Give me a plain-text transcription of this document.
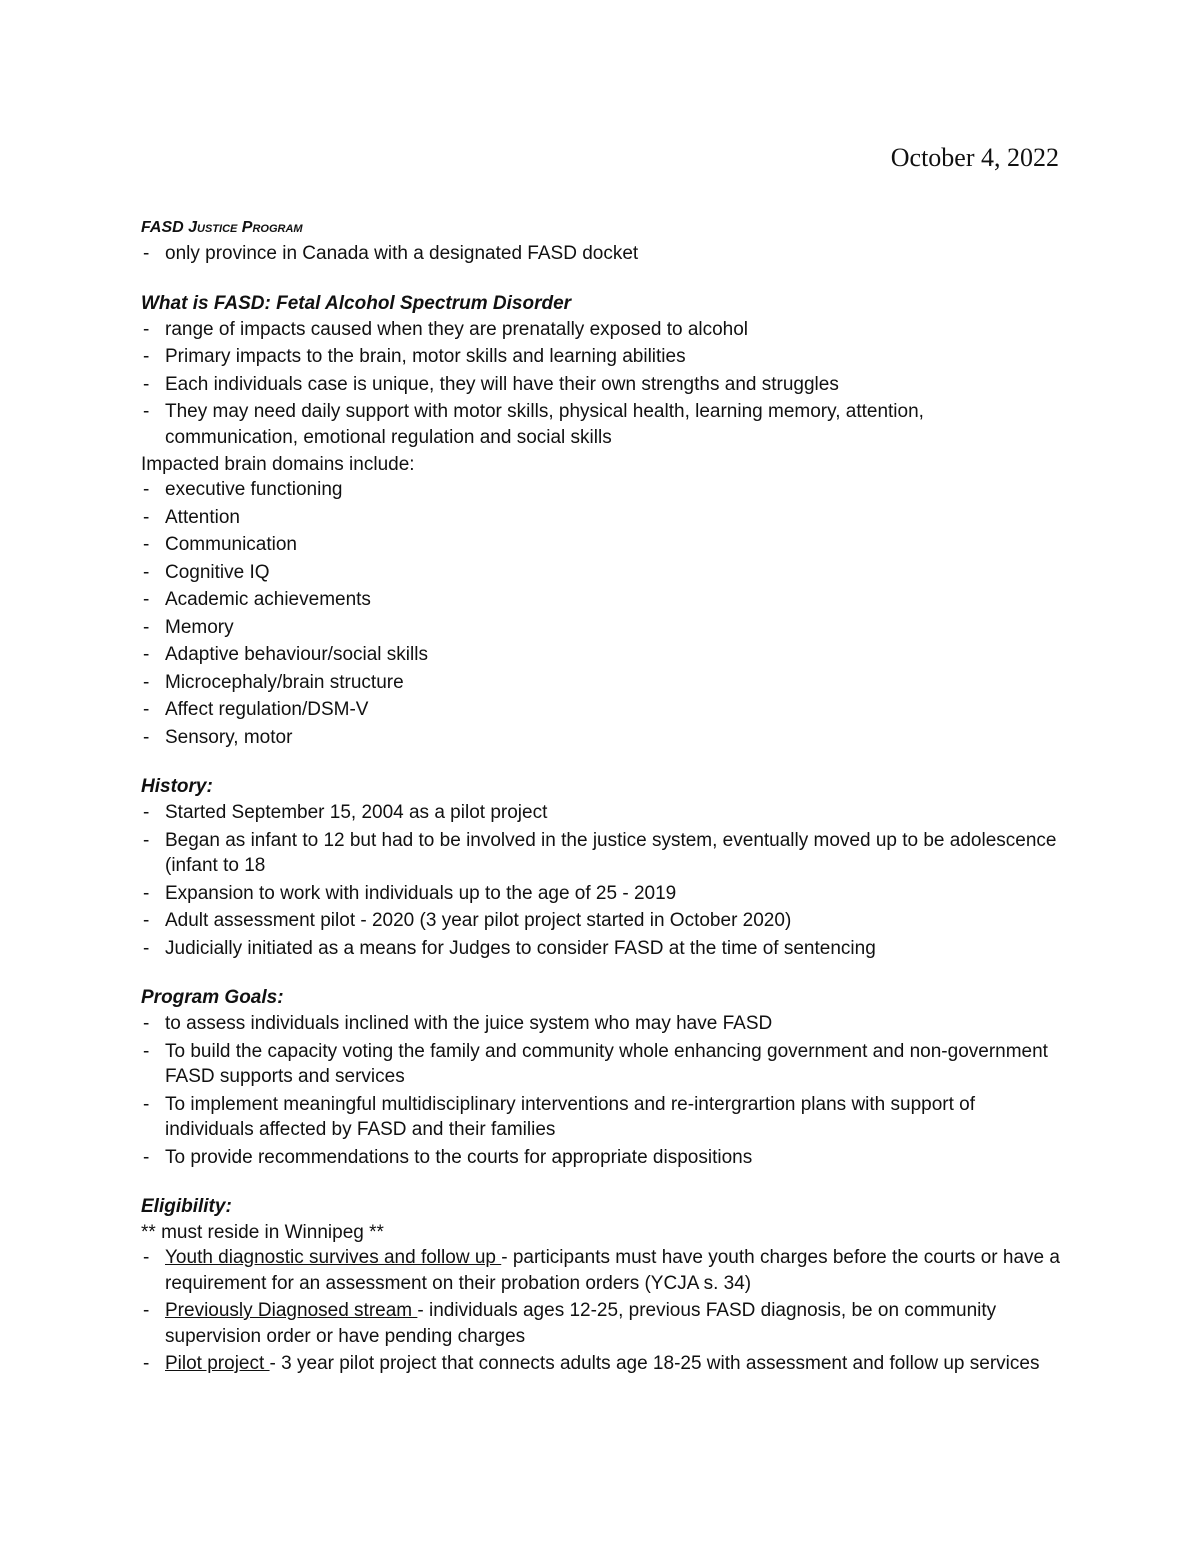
October 4, 2022
FASD Justice Program
- only province in Canada with a designated FASD docket
What is FASD: Fetal Alcohol Spectrum Disorder
- range of impacts caused when they are prenatally exposed to alcohol
- Primary impacts to the brain, motor skills and learning abilities
- Each individuals case is unique, they will have their own strengths and struggles
- They may need daily support with motor skills, physical health, learning memory, attention, communication, emotional regulation and social skills

Impacted brain domains include:

- executive functioning
- Attention
- Communication
- Cognitive IQ
- Academic achievements
- Memory
- Adaptive behaviour/social skills
- Microcephaly/brain structure
- Affect regulation/DSM-V
- Sensory, motor
History:
- Started September 15, 2004 as a pilot project
- Began as infant to 12 but had to be involved in the justice system, eventually moved up to be adolescence (infant to 18
- Expansion to work with individuals up to the age of 25 - 2019
- Adult assessment pilot - 2020 (3 year pilot project started in October 2020)
- Judicially initiated as a means for Judges to consider FASD at the time of sentencing
Program Goals:
- to assess individuals inclined with the juice system who may have FASD
- To build the capacity voting the family and community whole enhancing government and non-government FASD supports and services
- To implement meaningful multidisciplinary interventions and re-intergrartion plans with support of individuals affected by FASD and their families
- To provide recommendations to the courts for appropriate dispositions
Eligibility:

** must reside in Winnipeg **

- Youth diagnostic survives and follow up - participants must have youth charges before the courts or have a requirement for an assessment on their probation orders (YCJA s. 34)
- Previously Diagnosed stream - individuals ages 12-25, previous FASD diagnosis, be on community supervision order or have pending charges
- Pilot project - 3 year pilot project that connects adults age 18-25 with assessment and follow up services
